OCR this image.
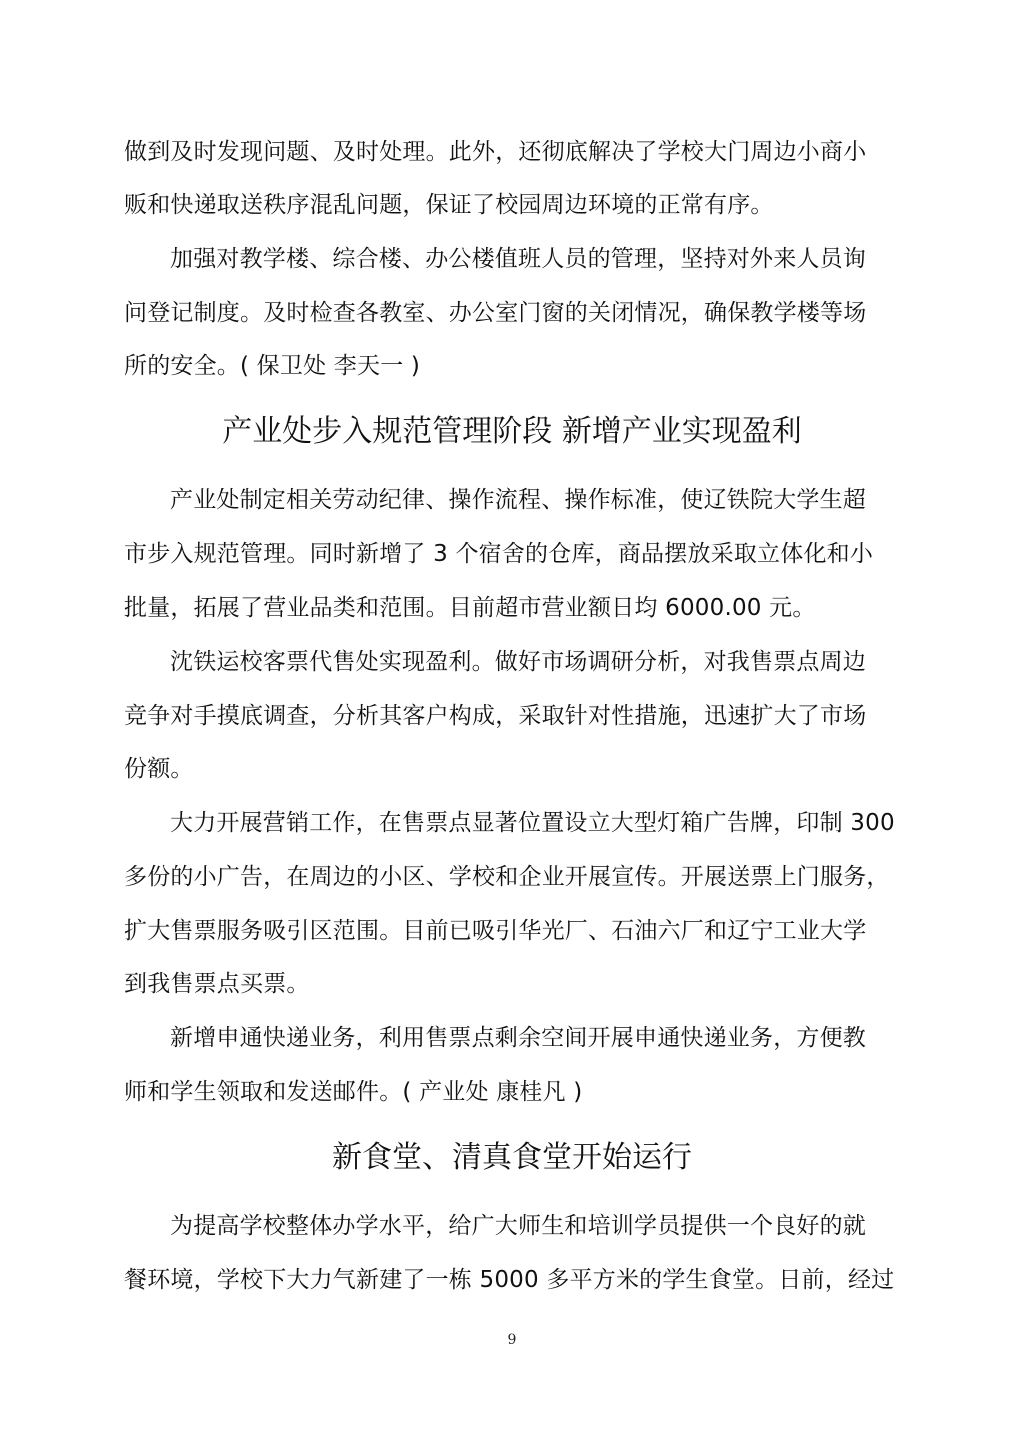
做到及时发现问题、及时处理。此外，还彻底解决了学校大门周边小商小
贩和快递取送秩序混乱问题，保证了校园周边环境的正常有序。
加强对教学楼、综合楼、办公楼值班人员的管理，坚持对外来人员询
问登记制度。及时检查各教室、办公室门窗的关闭情况，确保教学楼等场
所的安全。( 保卫处 李天一 )
产业处步入规范管理阶段 新增产业实现盈利
产业处制定相关劳动纪律、操作流程、操作标准，使辽铁院大学生超
市步入规范管理。同时新增了 3 个宿舍的仓库，商品摆放采取立体化和小
批量，拓展了营业品类和范围。目前超市营业额日均 6000.00 元。
沈铁运校客票代售处实现盈利。做好市场调研分析，对我售票点周边
竞争对手摸底调查，分析其客户构成，采取针对性措施，迅速扩大了市场
份额。
大力开展营销工作，在售票点显著位置设立大型灯箱广告牌，印制 300
多份的小广告，在周边的小区、学校和企业开展宣传。开展送票上门服务，
扩大售票服务吸引区范围。目前已吸引华光厂、石油六厂和辽宁工业大学
到我售票点买票。
新增申通快递业务，利用售票点剩余空间开展申通快递业务，方便教
师和学生领取和发送邮件。( 产业处 康桂凡 )
新食堂、清真食堂开始运行
为提高学校整体办学水平，给广大师生和培训学员提供一个良好的就
餐环境，学校下大力气新建了一栋 5000 多平方米的学生食堂。日前，经过
9
